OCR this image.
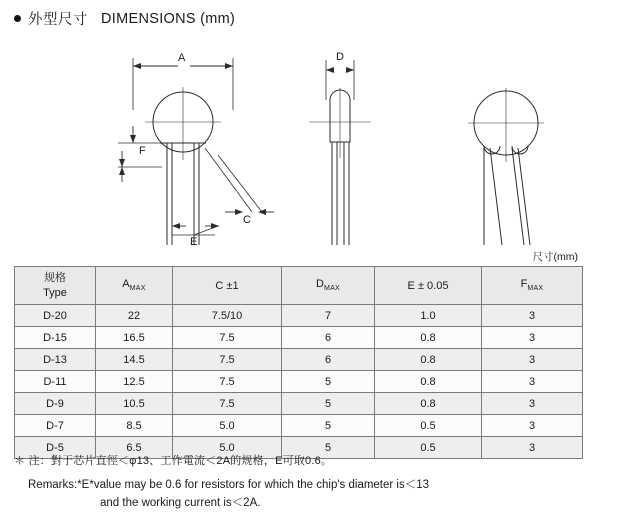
外型尺寸 DIMENSIONS (mm)
A
F
C
E
D
尺寸(mm)
规格
Type	$A_{MAX}$	C ±1	$D_{MAX}$	E ± 0.05	$F_{MAX}$
D-20	22	7.5/10	7	1.0	3
D-15	16.5	7.5	6	0.8	3
D-13	14.5	7.5	6	0.8	3
D-11	12.5	7.5	5	0.8	3
D-9	10.5	7.5	5	0.8	3
D-7	8.5	5.0	5	0.5	3
D-5	6.5	5.0	5	0.5	3
＊ 注：對于芯片直徑＜φ13、工作電流＜2A的规格，E可取0.6。
Remarks:*E*value may be 0.6 for resistors for which the chip's diameter is＜13
and the working current is＜2A.
